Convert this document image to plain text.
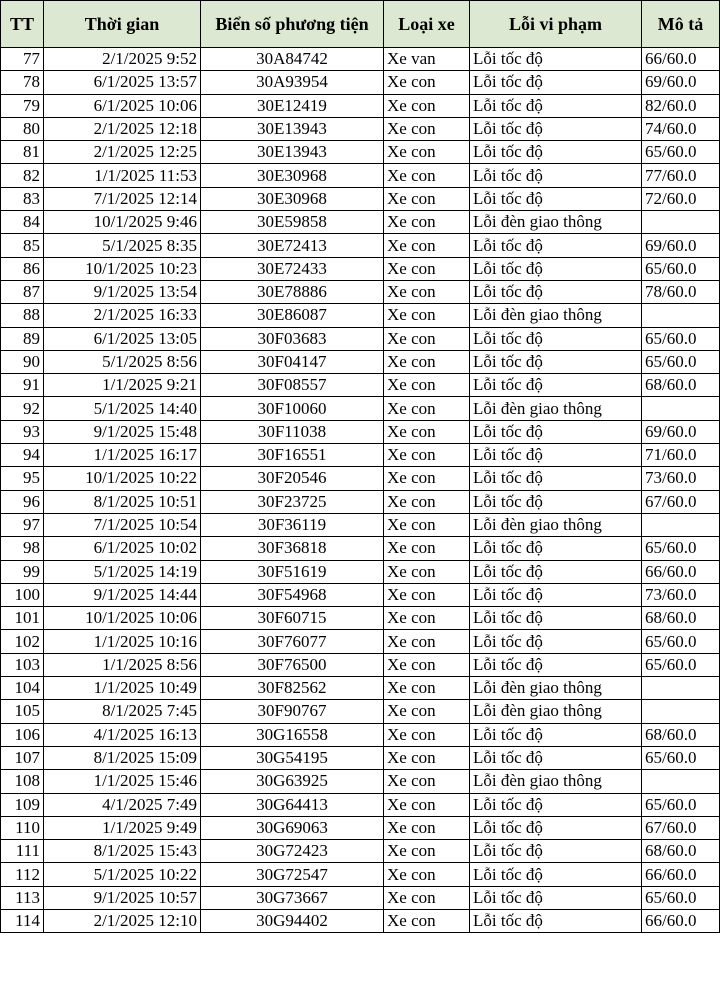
TT	Thời gian	Biển số phương tiện	Loại xe	Lỗi vi phạm	Mô tả
77	2/1/2025 9:52	30A84742	Xe van	Lỗi tốc độ	66/60.0
78	6/1/2025 13:57	30A93954	Xe con	Lỗi tốc độ	69/60.0
79	6/1/2025 10:06	30E12419	Xe con	Lỗi tốc độ	82/60.0
80	2/1/2025 12:18	30E13943	Xe con	Lỗi tốc độ	74/60.0
81	2/1/2025 12:25	30E13943	Xe con	Lỗi tốc độ	65/60.0
82	1/1/2025 11:53	30E30968	Xe con	Lỗi tốc độ	77/60.0
83	7/1/2025 12:14	30E30968	Xe con	Lỗi tốc độ	72/60.0
84	10/1/2025 9:46	30E59858	Xe con	Lỗi đèn giao thông	
85	5/1/2025 8:35	30E72413	Xe con	Lỗi tốc độ	69/60.0
86	10/1/2025 10:23	30E72433	Xe con	Lỗi tốc độ	65/60.0
87	9/1/2025 13:54	30E78886	Xe con	Lỗi tốc độ	78/60.0
88	2/1/2025 16:33	30E86087	Xe con	Lỗi đèn giao thông	
89	6/1/2025 13:05	30F03683	Xe con	Lỗi tốc độ	65/60.0
90	5/1/2025 8:56	30F04147	Xe con	Lỗi tốc độ	65/60.0
91	1/1/2025 9:21	30F08557	Xe con	Lỗi tốc độ	68/60.0
92	5/1/2025 14:40	30F10060	Xe con	Lỗi đèn giao thông	
93	9/1/2025 15:48	30F11038	Xe con	Lỗi tốc độ	69/60.0
94	1/1/2025 16:17	30F16551	Xe con	Lỗi tốc độ	71/60.0
95	10/1/2025 10:22	30F20546	Xe con	Lỗi tốc độ	73/60.0
96	8/1/2025 10:51	30F23725	Xe con	Lỗi tốc độ	67/60.0
97	7/1/2025 10:54	30F36119	Xe con	Lỗi đèn giao thông	
98	6/1/2025 10:02	30F36818	Xe con	Lỗi tốc độ	65/60.0
99	5/1/2025 14:19	30F51619	Xe con	Lỗi tốc độ	66/60.0
100	9/1/2025 14:44	30F54968	Xe con	Lỗi tốc độ	73/60.0
101	10/1/2025 10:06	30F60715	Xe con	Lỗi tốc độ	68/60.0
102	1/1/2025 10:16	30F76077	Xe con	Lỗi tốc độ	65/60.0
103	1/1/2025 8:56	30F76500	Xe con	Lỗi tốc độ	65/60.0
104	1/1/2025 10:49	30F82562	Xe con	Lỗi đèn giao thông	
105	8/1/2025 7:45	30F90767	Xe con	Lỗi đèn giao thông	
106	4/1/2025 16:13	30G16558	Xe con	Lỗi tốc độ	68/60.0
107	8/1/2025 15:09	30G54195	Xe con	Lỗi tốc độ	65/60.0
108	1/1/2025 15:46	30G63925	Xe con	Lỗi đèn giao thông	
109	4/1/2025 7:49	30G64413	Xe con	Lỗi tốc độ	65/60.0
110	1/1/2025 9:49	30G69063	Xe con	Lỗi tốc độ	67/60.0
111	8/1/2025 15:43	30G72423	Xe con	Lỗi tốc độ	68/60.0
112	5/1/2025 10:22	30G72547	Xe con	Lỗi tốc độ	66/60.0
113	9/1/2025 10:57	30G73667	Xe con	Lỗi tốc độ	65/60.0
114	2/1/2025 12:10	30G94402	Xe con	Lỗi tốc độ	66/60.0
